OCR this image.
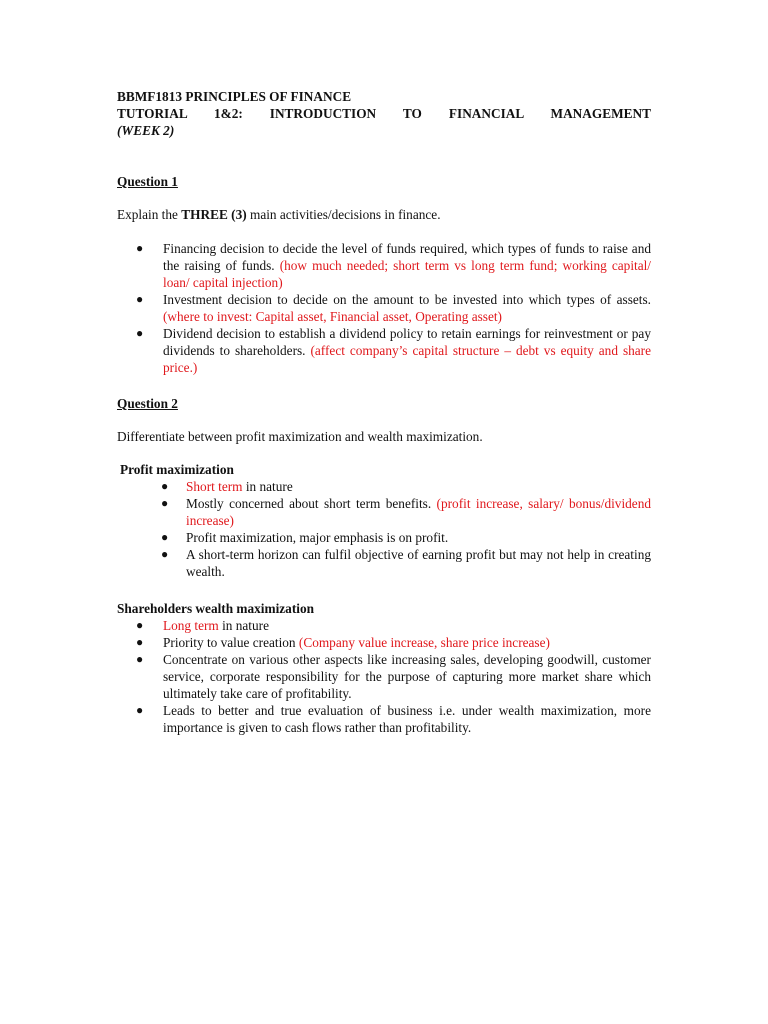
BBMF1813 PRINCIPLES OF FINANCE
TUTORIAL 1&2: INTRODUCTION TO FINANCIAL MANAGEMENT
(WEEK 2)
Question 1
Explain the THREE (3) main activities/decisions in finance.
● Financing decision to decide the level of funds required, which types of funds to raise and the raising of funds. (how much needed; short term vs long term fund; working capital/ loan/ capital injection)
● Investment decision to decide on the amount to be invested into which types of assets. (where to invest: Capital asset, Financial asset, Operating asset)
● Dividend decision to establish a dividend policy to retain earnings for reinvestment or pay dividends to shareholders. (affect company’s capital structure – debt vs equity and share price.)
Question 2
Differentiate between profit maximization and wealth maximization.
Profit maximization
● Short term in nature
● Mostly concerned about short term benefits. (profit increase, salary/ bonus/dividend increase)
● Profit maximization, major emphasis is on profit.
● A short-term horizon can fulfil objective of earning profit but may not help in creating wealth.
Shareholders wealth maximization
● Long term in nature
● Priority to value creation (Company value increase, share price increase)
● Concentrate on various other aspects like increasing sales, developing goodwill, customer service, corporate responsibility for the purpose of capturing more market share which ultimately take care of profitability.
● Leads to better and true evaluation of business i.e. under wealth maximization, more importance is given to cash flows rather than profitability.
